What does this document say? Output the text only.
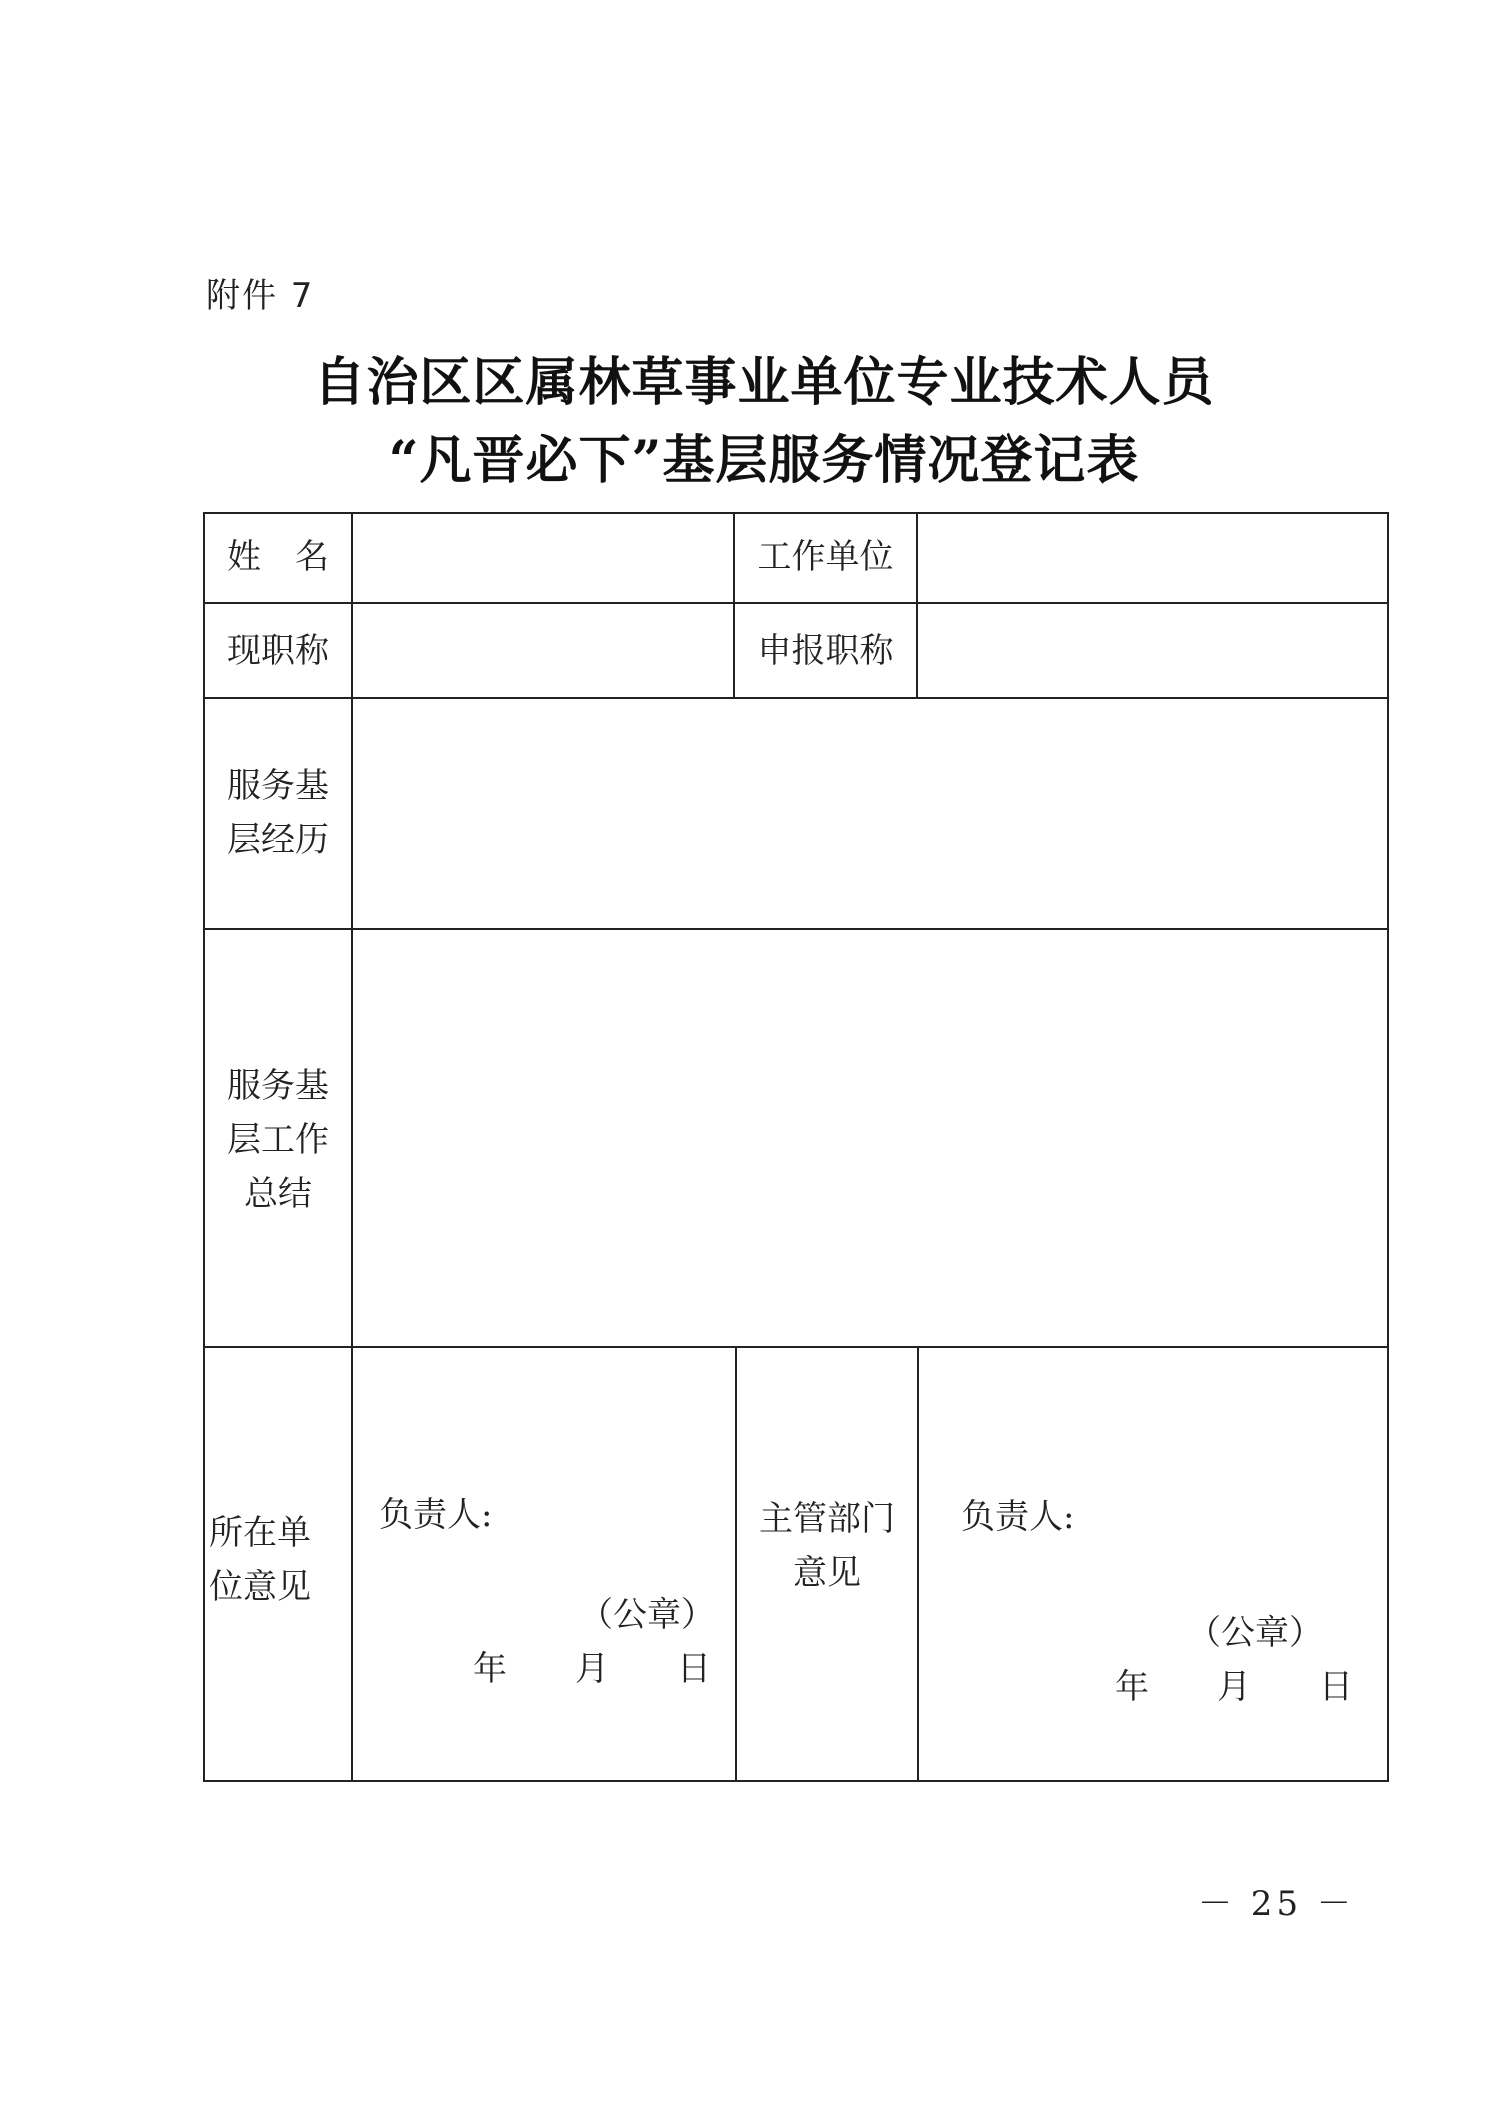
附件 7
自治区区属林草事业单位专业技术人员
“凡晋必下”基层服务情况登记表
姓　名	工作单位
现职称	申报职称
服务基
层经历
服务基
层工作
总结
所在单
位意见
负责人:
（公章）
年　　月　　日
主管部门
意见
负责人:
（公章）
年　　月　　日
－ 25 －
